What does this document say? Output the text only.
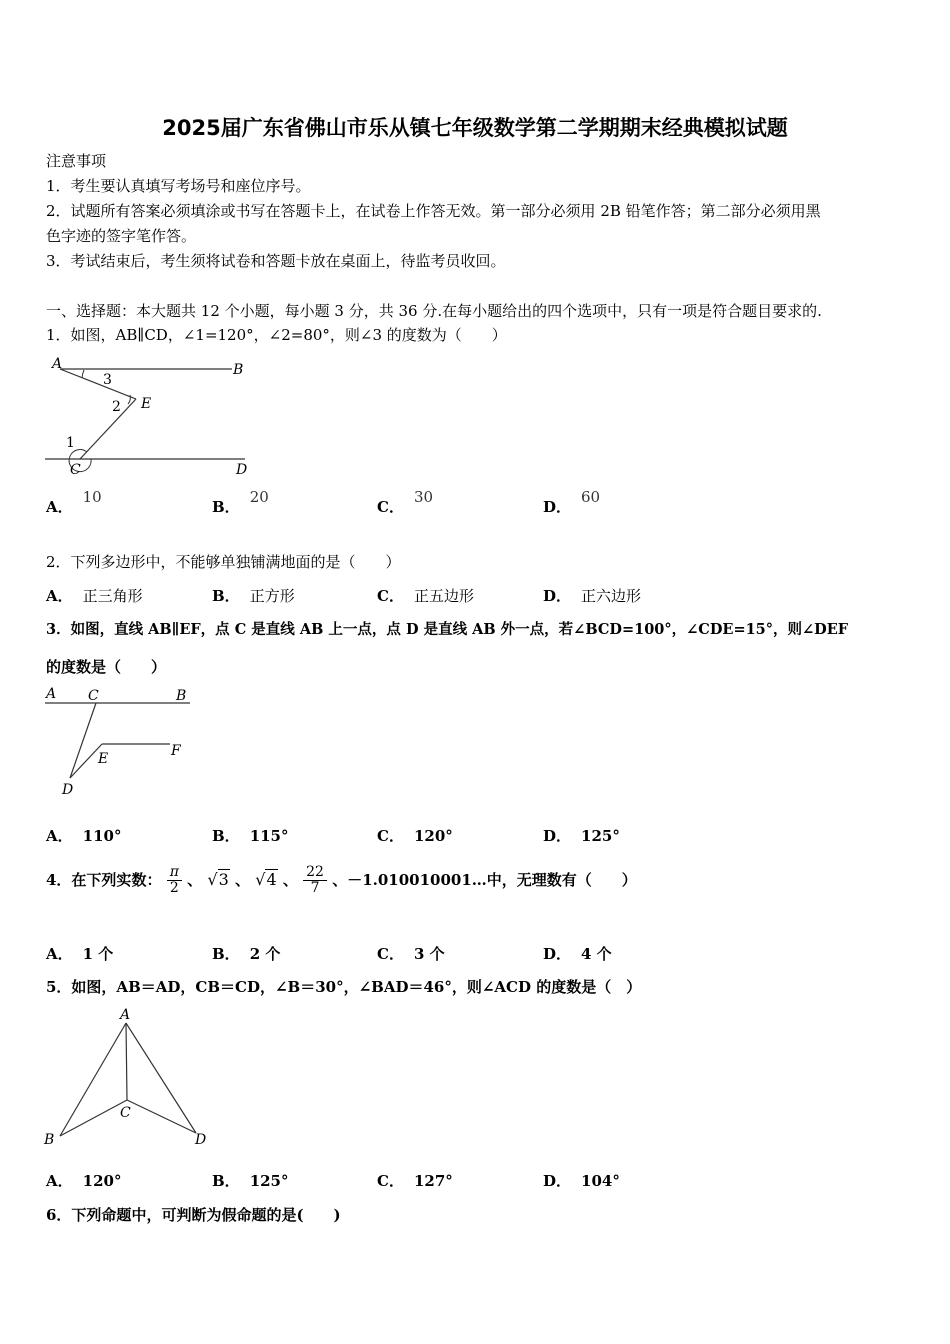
2025届广东省佛山市乐从镇七年级数学第二学期期末经典模拟试题
注意事项
1．考生要认真填写考场号和座位序号。
2．试题所有答案必须填涂或书写在答题卡上，在试卷上作答无效。第一部分必须用 2B 铅笔作答；第二部分必须用黑
色字迹的签字笔作答。
3．考试结束后，考生须将试卷和答题卡放在桌面上，待监考员收回。
一、选择题：本大题共 12 个小题，每小题 3 分，共 36 分.在每小题给出的四个选项中，只有一项是符合题目要求的.
1．如图，AB∥CD，∠1=120°，∠2=80°，则∠3 的度数为（　　）
A	B
C	D
E
1
2
3
A．10
B．20
C．30
D．60
2．下列多边形中，不能够单独铺满地面的是（　　）
A． 正三角形	B． 正方形	C． 正五边形	D． 正六边形
3．如图，直线 AB∥EF，点 C 是直线 AB 上一点，点 D 是直线 AB 外一点，若∠BCD=100°，∠CDE=15°，则∠DEF
的度数是（　　）
A C	B
E	F
D
A． 110°	B． 115°	C． 120°	D． 125°
4．在下列实数： $\frac{\pi}{2}$ 、 √3 、 √4 、 $\frac{22}{7}$ 、－1.010010001…中，无理数有（　　）
A． 1 个	B． 2 个	C． 3 个	D． 4 个
5．如图，AB＝AD，CB＝CD，∠B＝30°，∠BAD＝46°，则∠ACD 的度数是（　）
A
B
C
D
A． 120°	B． 125°	C． 127°	D． 104°
6．下列命题中，可判断为假命题的是(　　)
